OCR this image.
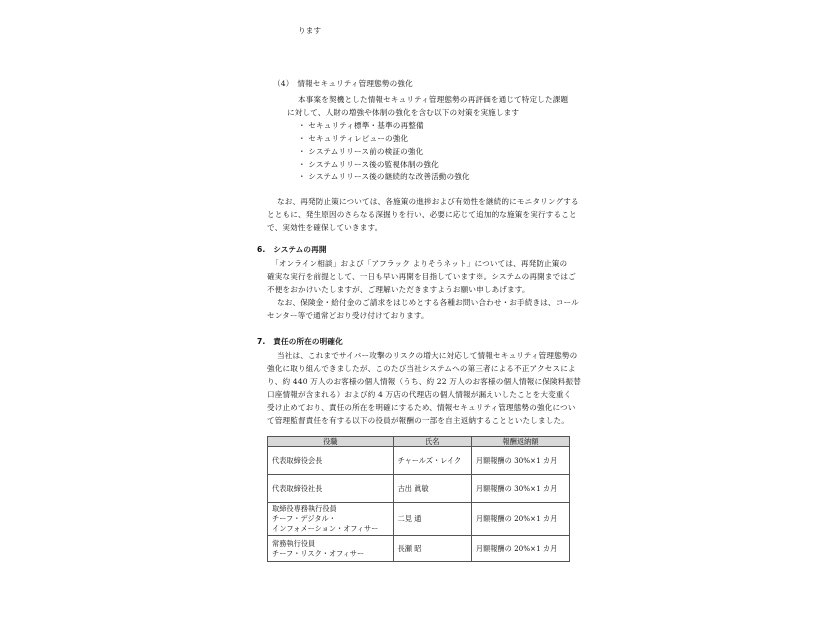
ります
（4）　情報セキュリティ管理態勢の強化
本事案を契機とした情報セキュリティ管理態勢の再評価を通じて特定した課題
に対して、人財の増強や体制の強化を含む以下の対策を実施します
・ セキュリティ標準・基準の再整備
・ セキュリティレビューの強化
・ システムリリース前の検証の強化
・ システムリリース後の監視体制の強化
・ システムリリース後の継続的な改善活動の強化
なお、再発防止策については、各施策の進捗および有効性を継続的にモニタリングする
とともに、発生原因のさらなる深掘りを行い、必要に応じて追加的な施策を実行すること
で、実効性を確保していきます。
6.　システムの再開
「オンライン相談」および「アフラック よりそうネット」については、再発防止策の
確実な実行を前提として、一日も早い再開を目指しています※。システムの再開まではご
不便をおかけいたしますが、ご理解いただきますようお願い申しあげます。
なお、保険金・給付金のご請求をはじめとする各種お問い合わせ・お手続きは、コール
センター等で通常どおり受け付けております。
7.　責任の所在の明確化
当社は、これまでサイバー攻撃のリスクの増大に対応して情報セキュリティ管理態勢の
強化に取り組んできましたが、このたび当社システムへの第三者による不正アクセスによ
り、約 440 万人のお客様の個人情報（うち、約 22 万人のお客様の個人情報に保険料振替
口座情報が含まれる）および約 4 万店の代理店の個人情報が漏えいしたことを大変重く
受け止めており、責任の所在を明確にするため、情報セキュリティ管理態勢の強化につい
て管理監督責任を有する以下の役員が報酬の一部を自主返納することといたしました。
役職	氏名	報酬返納額

代表取締役会長	チャールズ・レイク	月額報酬の 30%×1 カ月

代表取締役社長	古出 眞敏	月額報酬の 30%×1 カ月

取締役専務執行役員
チーフ・デジタル・
インフォメーション・オフィサー	二見 通	月額報酬の 20%×1 カ月

常務執行役員
チーフ・リスク・オフィサー	長瀬 昭	月額報酬の 20%×1 カ月
